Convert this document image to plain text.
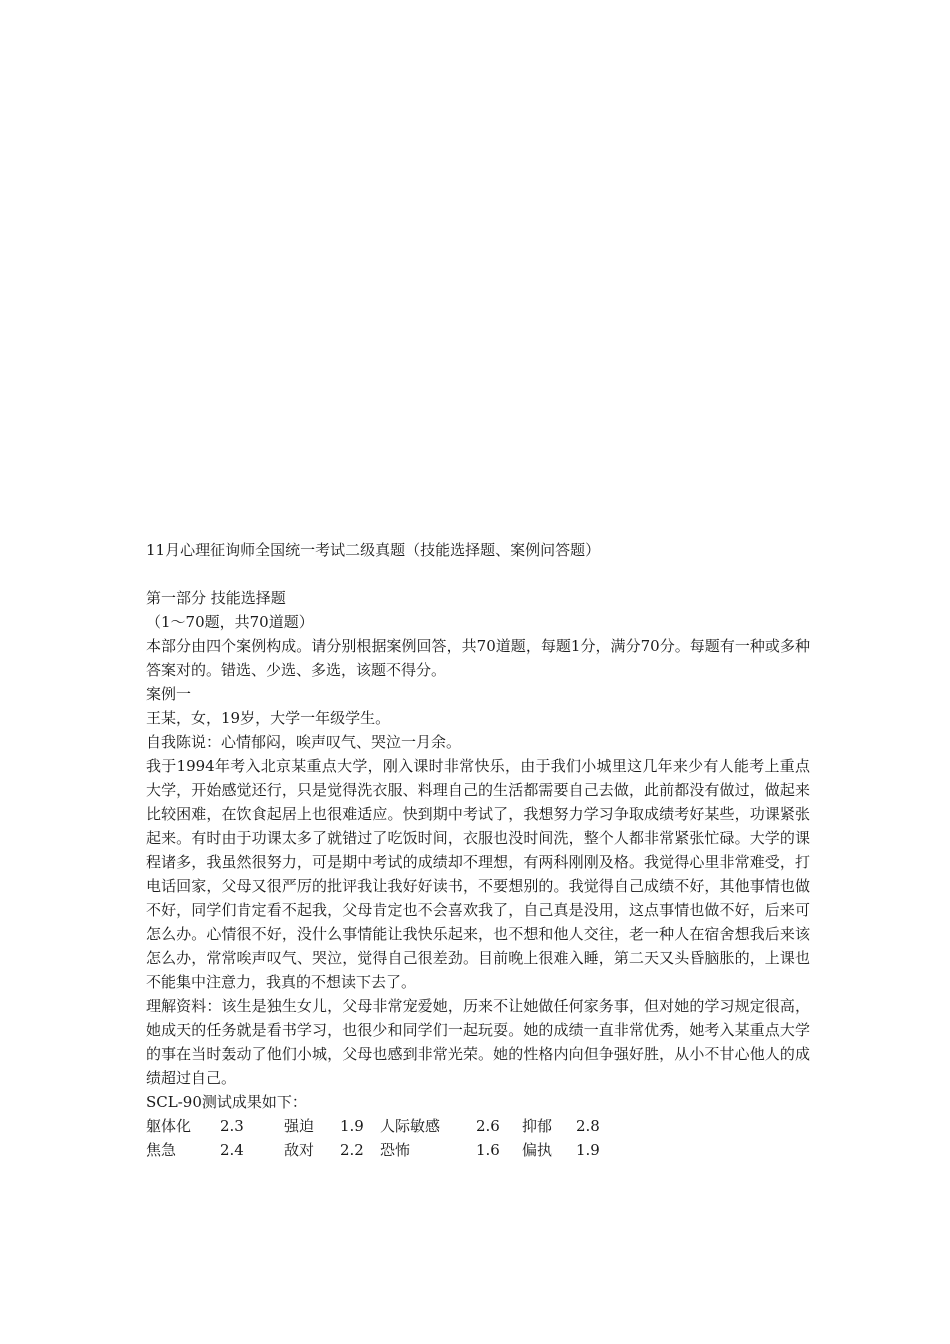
11月心理征询师全国统一考试二级真题（技能选择题、案例问答题）
第一部分 技能选择题
（1～70题，共70道题）
本部分由四个案例构成。请分别根据案例回答，共70道题，每题1分，满分70分。每题有一种或多种答案对的。错选、少选、多选，该题不得分。
案例一
王某，女，19岁，大学一年级学生。
自我陈说：心情郁闷，唉声叹气、哭泣一月余。
我于1994年考入北京某重点大学，刚入课时非常快乐，由于我们小城里这几年来少有人能考上重点大学，开始感觉还行，只是觉得洗衣服、料理自己的生活都需要自己去做，此前都没有做过，做起来比较困难，在饮食起居上也很难适应。快到期中考试了，我想努力学习争取成绩考好某些，功课紧张起来。有时由于功课太多了就错过了吃饭时间，衣服也没时间洗，整个人都非常紧张忙碌。大学的课程诸多，我虽然很努力，可是期中考试的成绩却不理想，有两科刚刚及格。我觉得心里非常难受，打电话回家，父母又很严厉的批评我让我好好读书，不要想别的。我觉得自己成绩不好，其他事情也做不好，同学们肯定看不起我，父母肯定也不会喜欢我了，自己真是没用，这点事情也做不好，后来可怎么办。心情很不好，没什么事情能让我快乐起来，也不想和他人交往，老一种人在宿舍想我后来该怎么办，常常唉声叹气、哭泣，觉得自己很差劲。目前晚上很难入睡，第二天又头昏脑胀的，上课也不能集中注意力，我真的不想读下去了。
理解资料：该生是独生女儿，父母非常宠爱她，历来不让她做任何家务事，但对她的学习规定很高，她成天的任务就是看书学习，也很少和同学们一起玩耍。她的成绩一直非常优秀，她考入某重点大学的事在当时轰动了他们小城，父母也感到非常光荣。她的性格内向但争强好胜，从小不甘心他人的成绩超过自己。
SCL-90测试成果如下：
躯体化	2.3	强迫	1.9	人际敏感	2.6	抑郁	2.8
焦急	2.4	敌对	2.2	恐怖	1.6	偏执	1.9
